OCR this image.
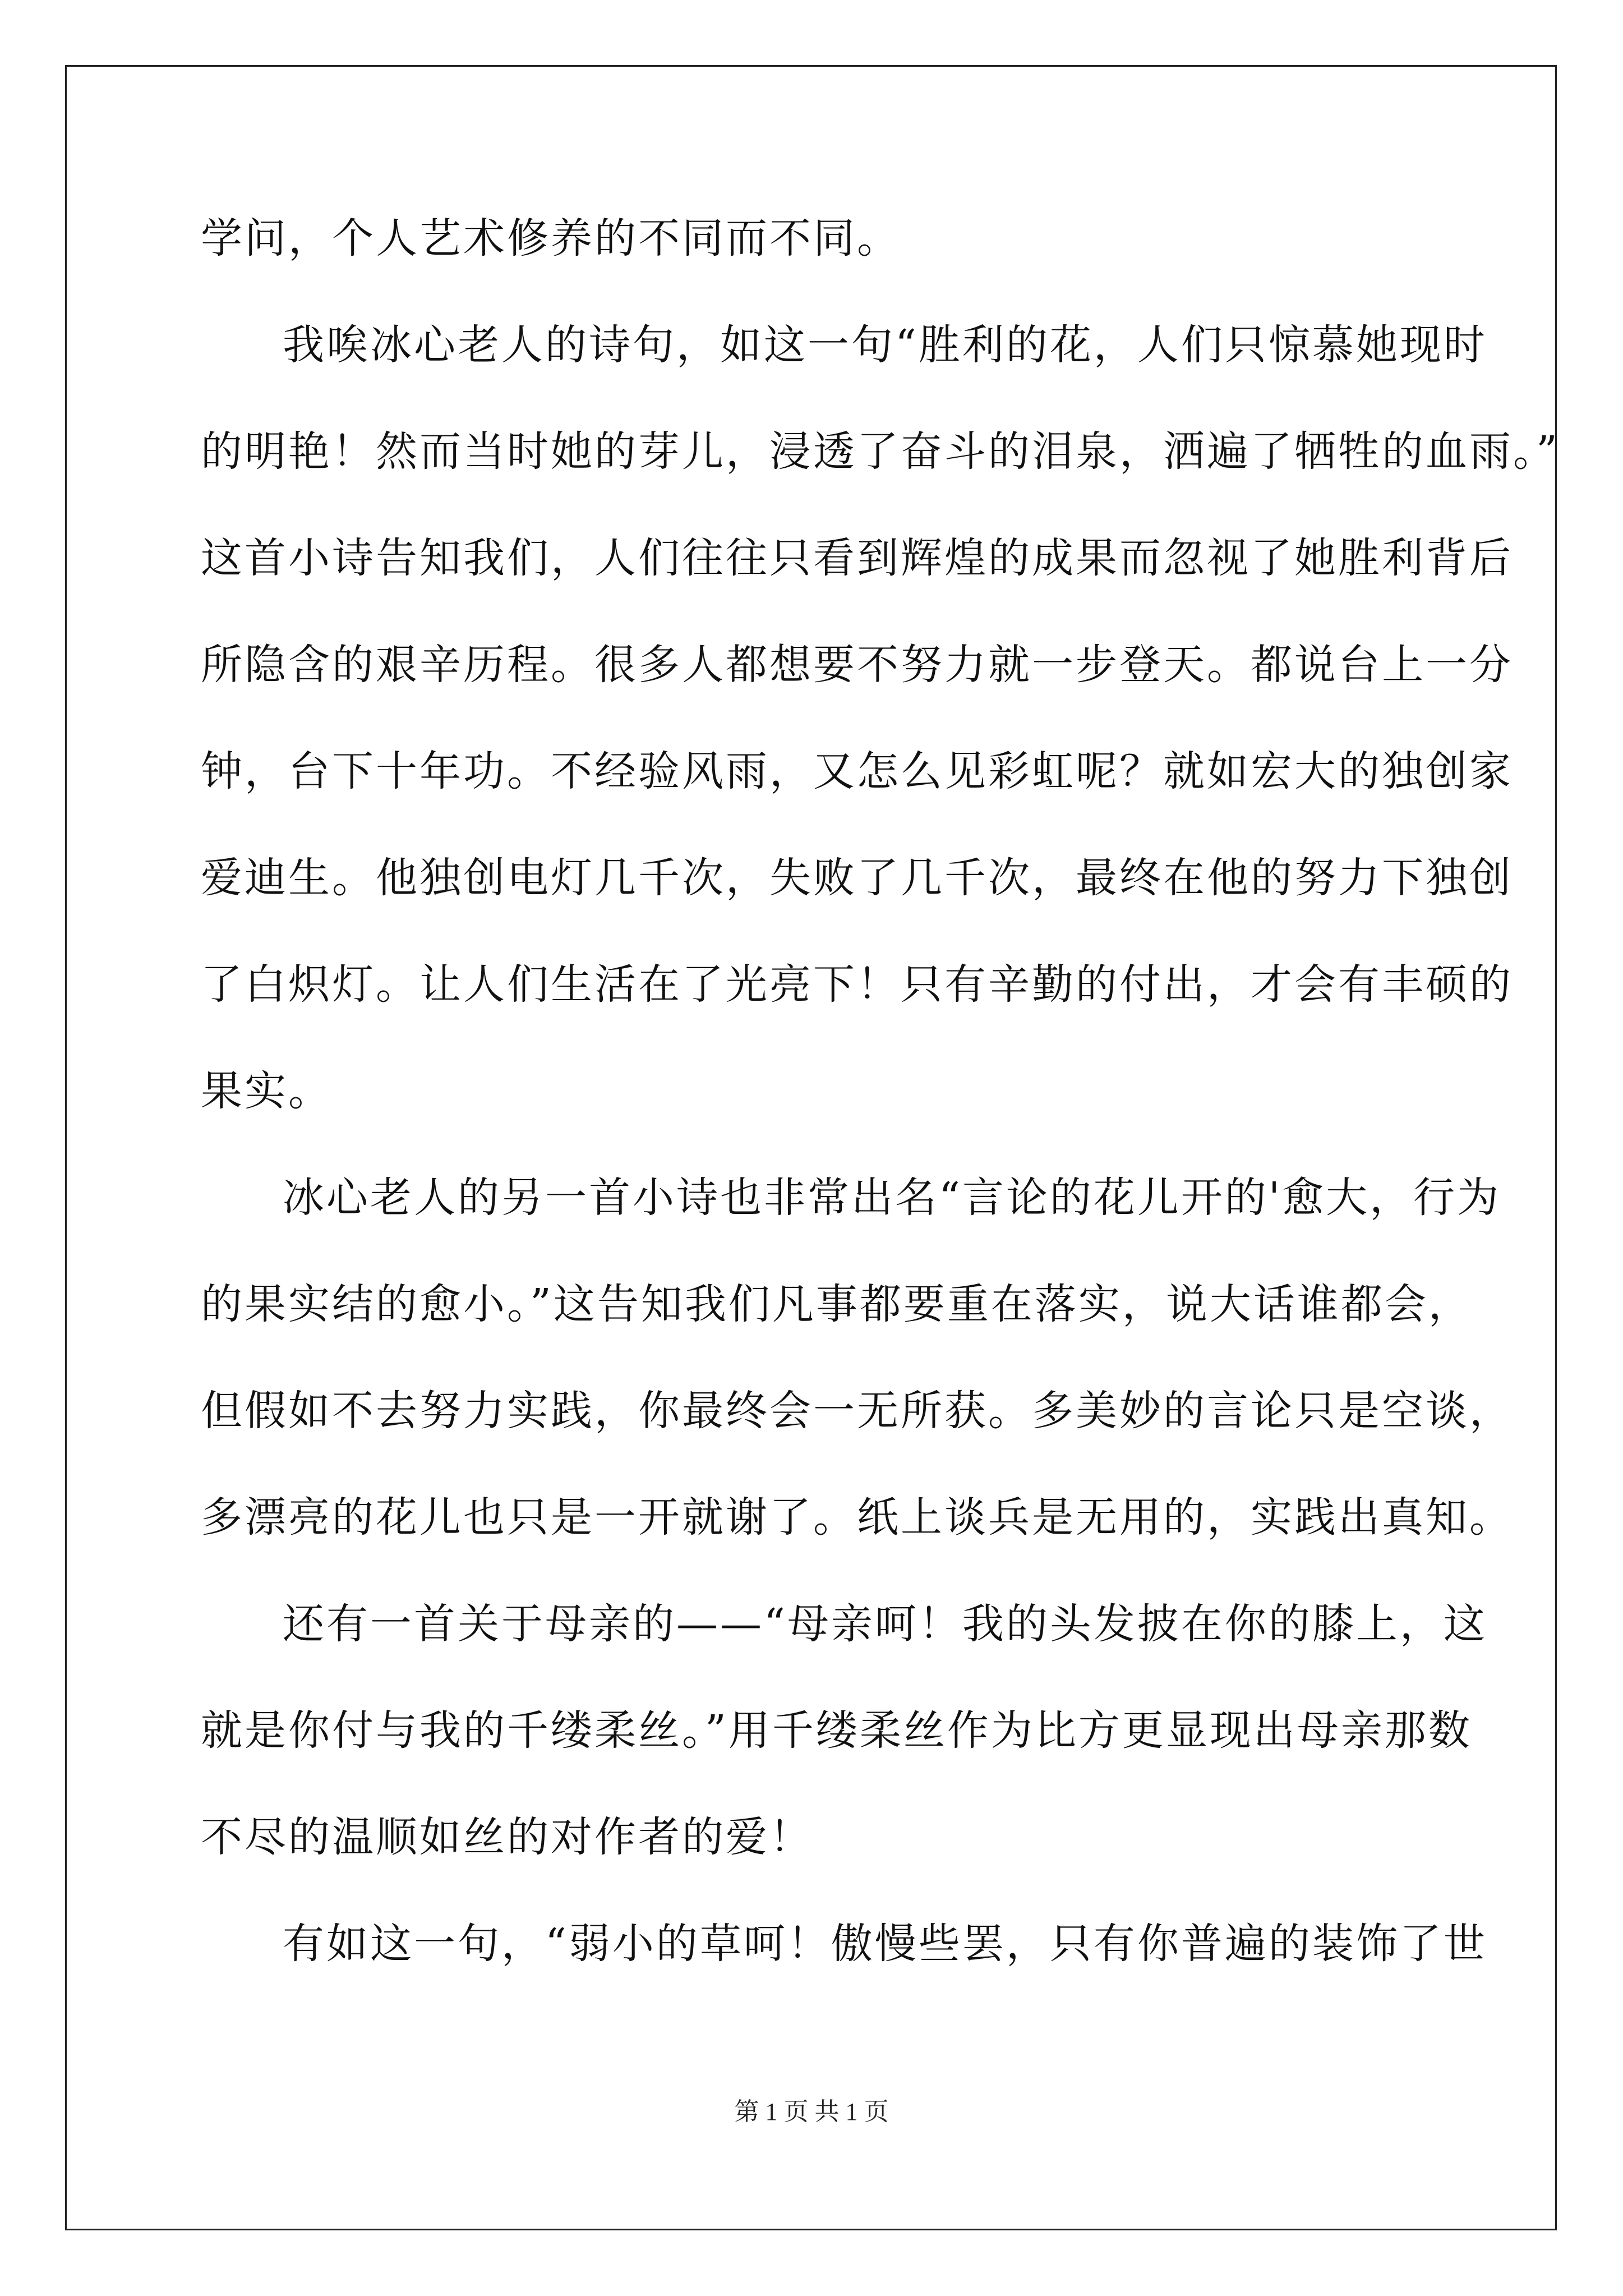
学问，个人艺术修养的不同而不同。
我唉冰心老人的诗句，如这一句“胜利的花，人们只惊慕她现时
的明艳！然而当时她的芽儿，浸透了奋斗的泪泉，洒遍了牺牲的血雨。”
这首小诗告知我们，人们往往只看到辉煌的成果而忽视了她胜利背后
所隐含的艰辛历程。很多人都想要不努力就一步登天。都说台上一分
钟，台下十年功。不经验风雨，又怎么见彩虹呢？就如宏大的独创家
爱迪生。他独创电灯几千次，失败了几千次，最终在他的努力下独创
了白炽灯。让人们生活在了光亮下！只有辛勤的付出，才会有丰硕的
果实。
冰心老人的另一首小诗也非常出名“言论的花儿开的'愈大，行为
的果实结的愈小。”这告知我们凡事都要重在落实，说大话谁都会，
但假如不去努力实践，你最终会一无所获。多美妙的言论只是空谈，
多漂亮的花儿也只是一开就谢了。纸上谈兵是无用的，实践出真知。
还有一首关于母亲的——“母亲呵！我的头发披在你的膝上，这
就是你付与我的千缕柔丝。”用千缕柔丝作为比方更显现出母亲那数
不尽的温顺如丝的对作者的爱！
有如这一句，“弱小的草呵！傲慢些罢，只有你普遍的装饰了世
第 1 页 共 1 页
